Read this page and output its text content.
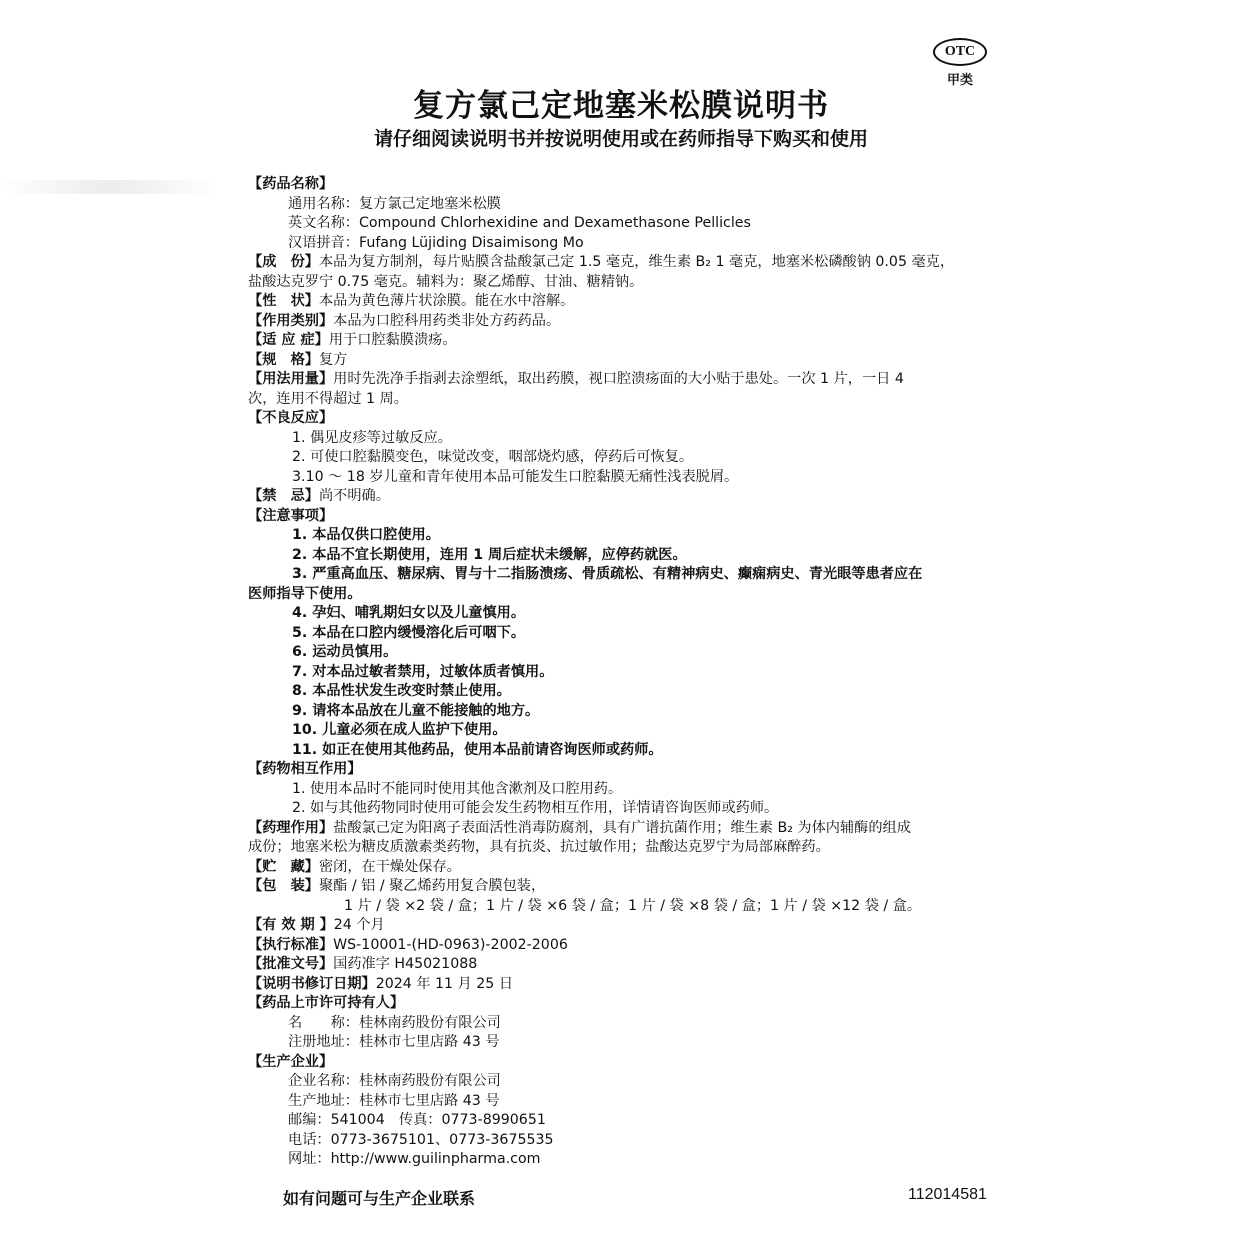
OTC
甲类
复方氯己定地塞米松膜说明书
请仔细阅读说明书并按说明使用或在药师指导下购买和使用
【药品名称】
通用名称：复方氯己定地塞米松膜
英文名称：Compound Chlorhexidine and Dexamethasone Pellicles
汉语拼音：Fufang Lüjiding Disaimisong Mo
【成　份】本品为复方制剂，每片贴膜含盐酸氯己定 1.5 毫克，维生素 B₂ 1 毫克，地塞米松磷酸钠 0.05 毫克，
盐酸达克罗宁 0.75 毫克。辅料为：聚乙烯醇、甘油、糖精钠。
【性　状】本品为黄色薄片状涂膜。能在水中溶解。
【作用类别】本品为口腔科用药类非处方药药品。
【适 应 症】用于口腔黏膜溃疡。
【规　格】复方
【用法用量】用时先洗净手指剥去涂塑纸，取出药膜，视口腔溃疡面的大小贴于患处。一次 1 片，一日 4
次，连用不得超过 1 周。
【不良反应】
1. 偶见皮疹等过敏反应。
2. 可使口腔黏膜变色，味觉改变，咽部烧灼感，停药后可恢复。
3.10 ～ 18 岁儿童和青年使用本品可能发生口腔黏膜无痛性浅表脱屑。
【禁　忌】尚不明确。
【注意事项】
1. 本品仅供口腔使用。
2. 本品不宜长期使用，连用 1 周后症状未缓解，应停药就医。
3. 严重高血压、糖尿病、胃与十二指肠溃疡、骨质疏松、有精神病史、癫痫病史、青光眼等患者应在
医师指导下使用。
4. 孕妇、哺乳期妇女以及儿童慎用。
5. 本品在口腔内缓慢溶化后可咽下。
6. 运动员慎用。
7. 对本品过敏者禁用，过敏体质者慎用。
8. 本品性状发生改变时禁止使用。
9. 请将本品放在儿童不能接触的地方。
10. 儿童必须在成人监护下使用。
11. 如正在使用其他药品，使用本品前请咨询医师或药师。
【药物相互作用】
1. 使用本品时不能同时使用其他含漱剂及口腔用药。
2. 如与其他药物同时使用可能会发生药物相互作用，详情请咨询医师或药师。
【药理作用】盐酸氯己定为阳离子表面活性消毒防腐剂，具有广谱抗菌作用；维生素 B₂ 为体内辅酶的组成
成份；地塞米松为糖皮质激素类药物，具有抗炎、抗过敏作用；盐酸达克罗宁为局部麻醉药。
【贮　藏】密闭，在干燥处保存。
【包　装】聚酯 / 铝 / 聚乙烯药用复合膜包装，
1 片 / 袋 ×2 袋 / 盒；1 片 / 袋 ×6 袋 / 盒；1 片 / 袋 ×8 袋 / 盒；1 片 / 袋 ×12 袋 / 盒。
【有 效 期 】24 个月
【执行标准】WS-10001-(HD-0963)-2002-2006
【批准文号】国药准字 H45021088
【说明书修订日期】2024 年 11 月 25 日
【药品上市许可持有人】
名　　称：桂林南药股份有限公司
注册地址：桂林市七里店路 43 号
【生产企业】
企业名称：桂林南药股份有限公司
生产地址：桂林市七里店路 43 号
邮编：541004　传真：0773-8990651
电话：0773-3675101、0773-3675535
网址：http://www.guilinpharma.com
如有问题可与生产企业联系	112014581
